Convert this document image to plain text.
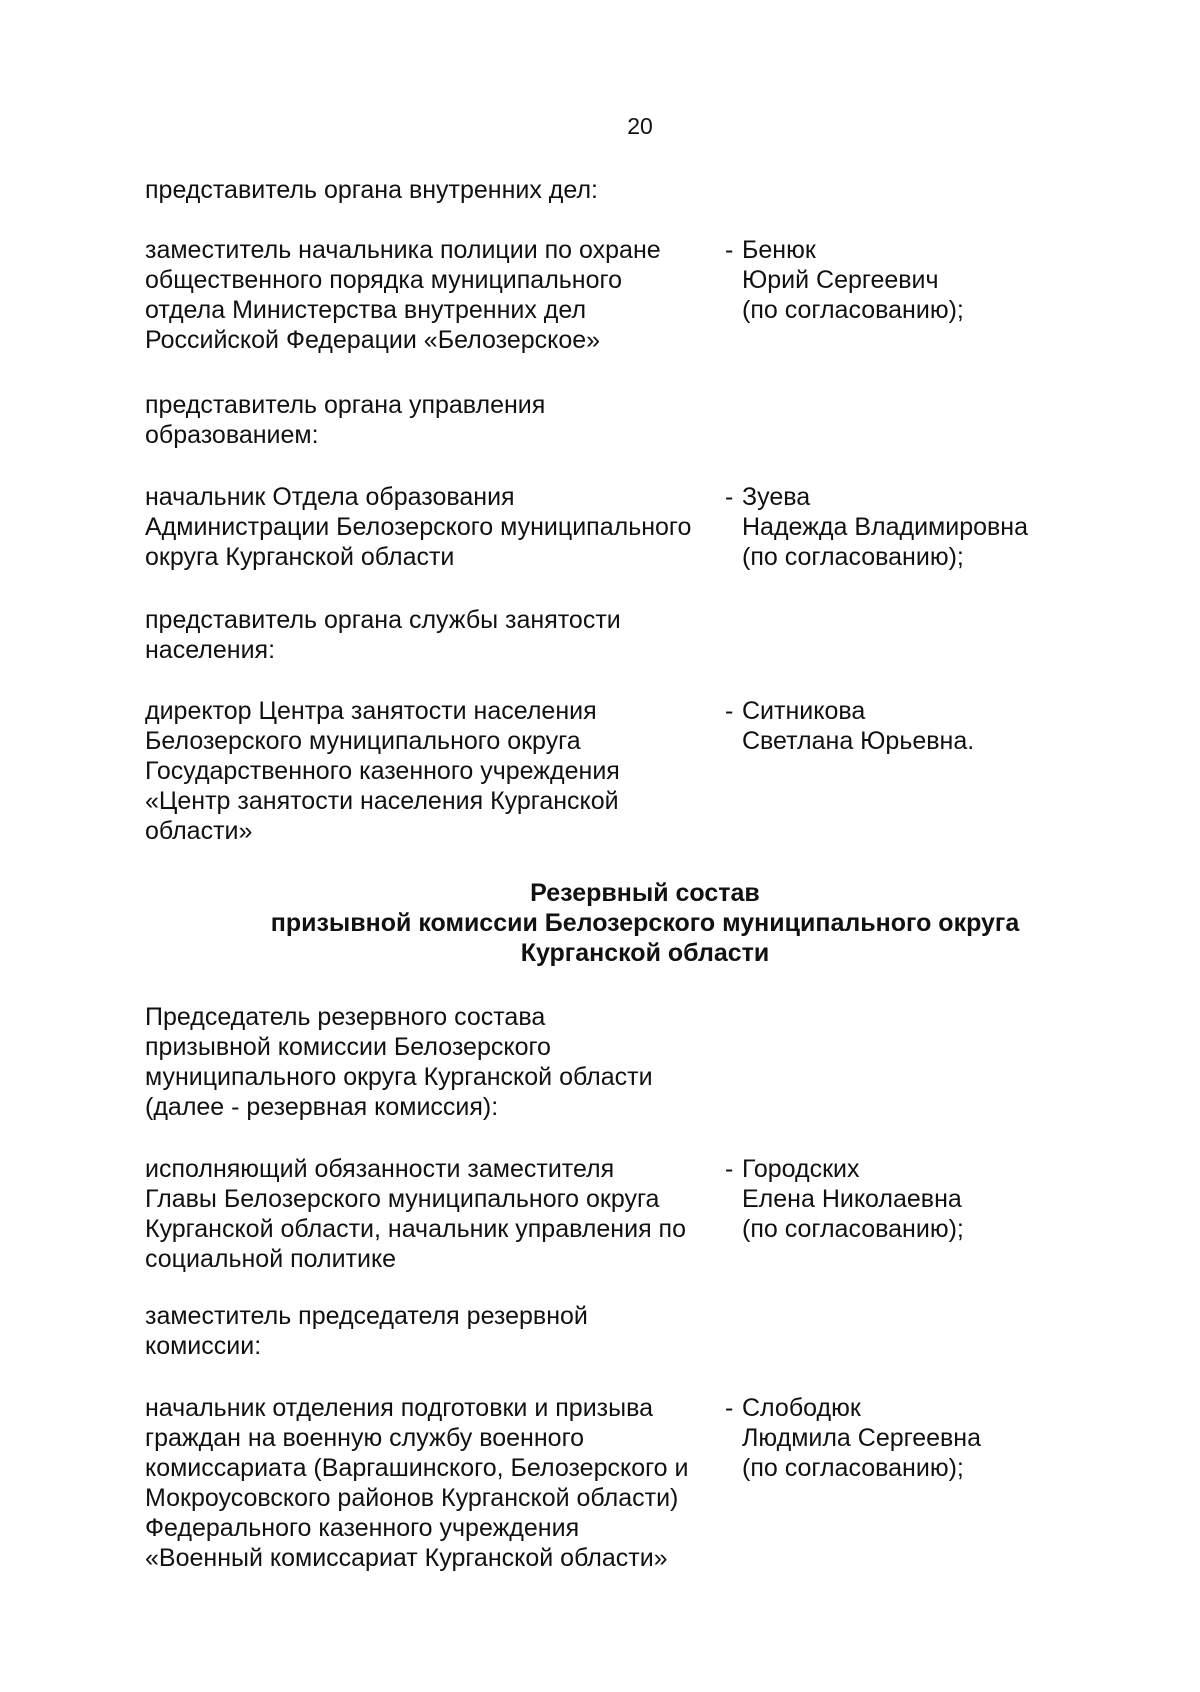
20
представитель органа внутренних дел:
заместитель начальника полиции по охране
общественного порядка муниципального
отдела Министерства внутренних дел
Российской Федерации «Белозерское»
- Бенюк
Юрий Сергеевич
(по согласованию);
представитель органа управления
образованием:
начальник Отдела образования
Администрации Белозерского муниципального
округа Курганской области
- Зуева
Надежда Владимировна
(по согласованию);
представитель органа службы занятости
населения:
директор Центра занятости населения
Белозерского муниципального округа
Государственного казенного учреждения
«Центр занятости населения Курганской
области»
- Ситникова
Светлана Юрьевна.
Резервный состав
призывной комиссии Белозерского муниципального округа
Курганской области
Председатель резервного состава
призывной комиссии Белозерского
муниципального округа Курганской области
(далее - резервная комиссия):
исполняющий обязанности заместителя
Главы Белозерского муниципального округа
Курганской области, начальник управления по
социальной политике
- Городских
Елена Николаевна
(по согласованию);
заместитель председателя резервной
комиссии:
начальник отделения подготовки и призыва
граждан на военную службу военного
комиссариата (Варгашинского, Белозерского и
Мокроусовского районов Курганской области)
Федерального казенного учреждения
«Военный комиссариат Курганской области»
- Слободюк
Людмила Сергеевна
(по согласованию);
